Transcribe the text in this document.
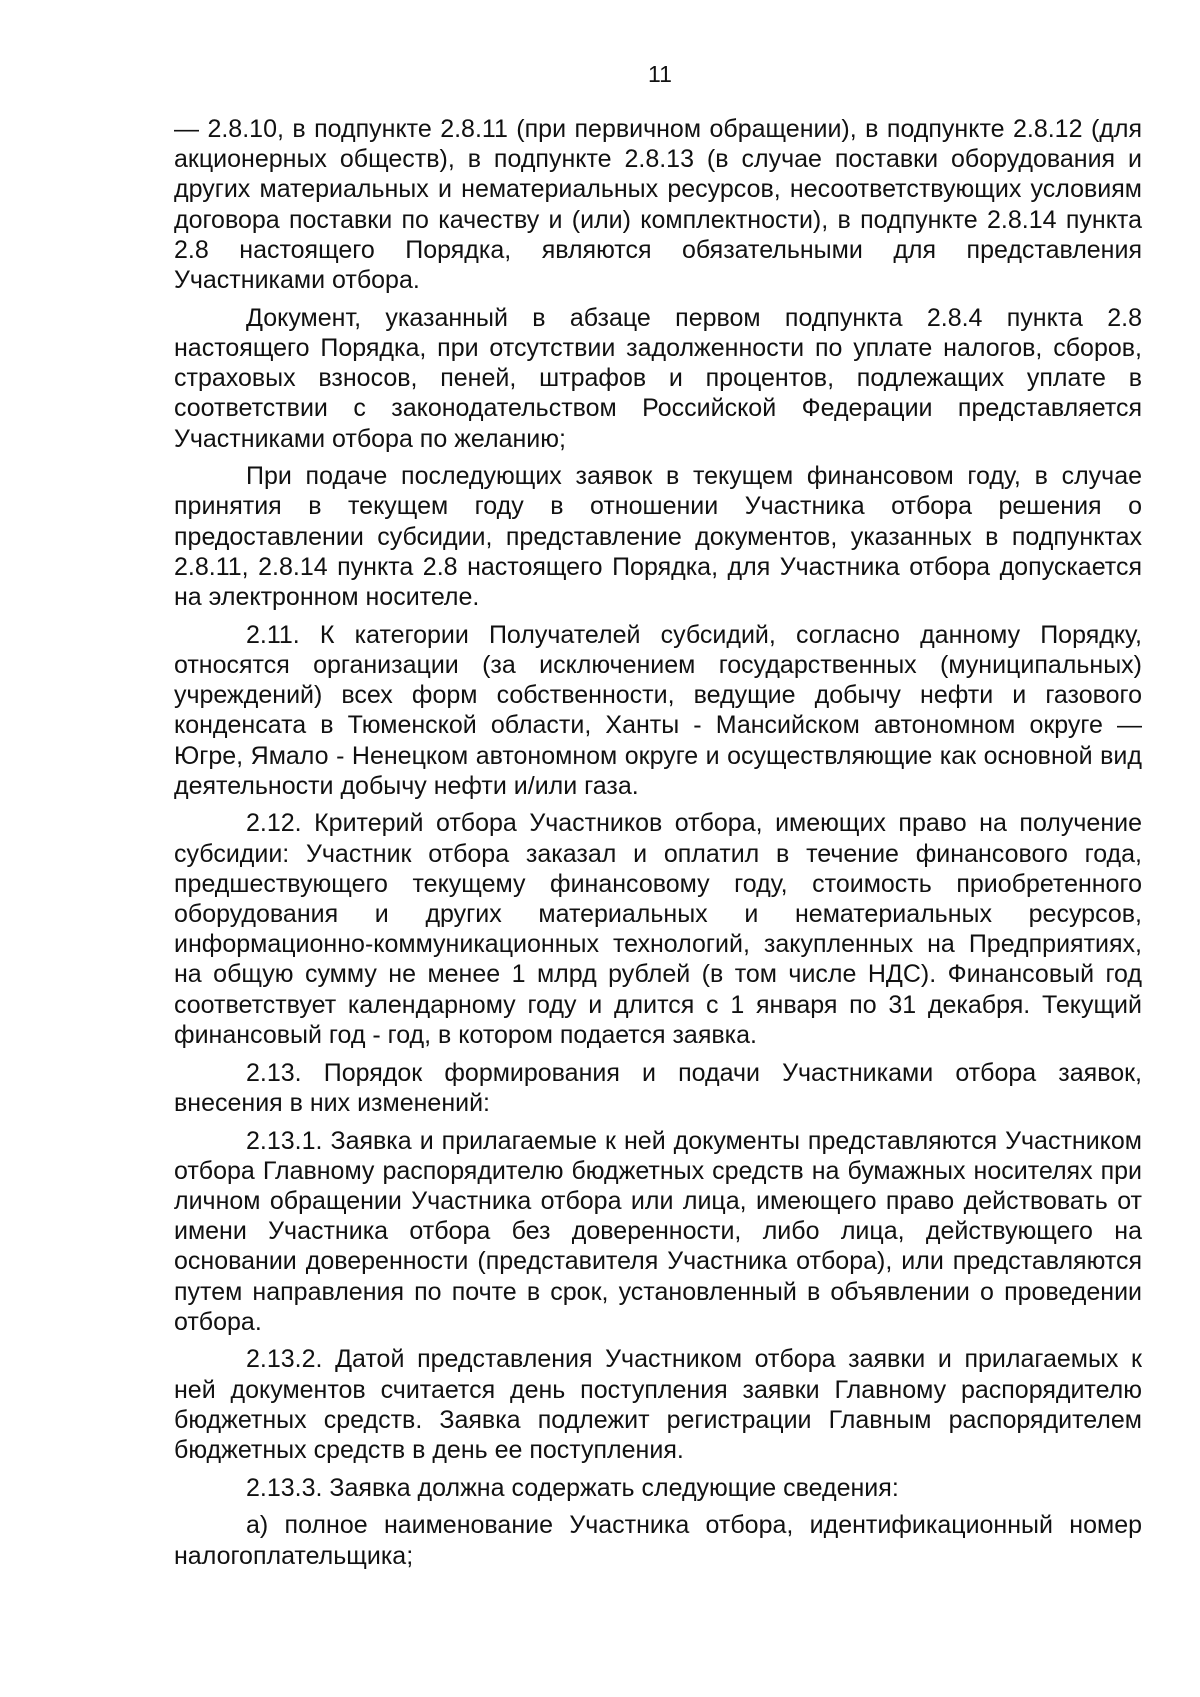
11

— 2.8.10, в подпункте 2.8.11 (при первичном обращении), в подпункте 2.8.12 (для акционерных обществ), в подпункте 2.8.13 (в случае поставки оборудования и других материальных и нематериальных ресурсов, несоответствующих условиям договора поставки по качеству и (или) комплектности), в подпункте 2.8.14 пункта 2.8 настоящего Порядка, являются обязательными для представления Участниками отбора.

Документ, указанный в абзаце первом подпункта 2.8.4 пункта 2.8 настоящего Порядка, при отсутствии задолженности по уплате налогов, сборов, страховых взносов, пеней, штрафов и процентов, подлежащих уплате в соответствии с законодательством Российской Федерации представляется Участниками отбора по желанию;

При подаче последующих заявок в текущем финансовом году, в случае принятия в текущем году в отношении Участника отбора решения о предоставлении субсидии, представление документов, указанных в подпунктах 2.8.11, 2.8.14 пункта 2.8 настоящего Порядка, для Участника отбора допускается на электронном носителе.

2.11. К категории Получателей субсидий, согласно данному Порядку, относятся организации (за исключением государственных (муниципальных) учреждений) всех форм собственности, ведущие добычу нефти и газового конденсата в Тюменской области, Ханты - Мансийском автономном округе — Югре, Ямало - Ненецком автономном округе и осуществляющие как основной вид деятельности добычу нефти и/или газа.

2.12. Критерий отбора Участников отбора, имеющих право на получение субсидии: Участник отбора заказал и оплатил в течение финансового года, предшествующего текущему финансовому году, стоимость приобретенного оборудования и других материальных и нематериальных ресурсов, информационно-коммуникационных технологий, закупленных на Предприятиях, на общую сумму не менее 1 млрд рублей (в том числе НДС). Финансовый год соответствует календарному году и длится с 1 января по 31 декабря. Текущий финансовый год - год, в котором подается заявка.

2.13. Порядок формирования и подачи Участниками отбора заявок, внесения в них изменений:

2.13.1. Заявка и прилагаемые к ней документы представляются Участником отбора Главному распорядителю бюджетных средств на бумажных носителях при личном обращении Участника отбора или лица, имеющего право действовать от имени Участника отбора без доверенности, либо лица, действующего на основании доверенности (представителя Участника отбора), или представляются путем направления по почте в срок, установленный в объявлении о проведении отбора.

2.13.2. Датой представления Участником отбора заявки и прилагаемых к ней документов считается день поступления заявки Главному распорядителю бюджетных средств. Заявка подлежит регистрации Главным распорядителем бюджетных средств в день ее поступления.

2.13.3. Заявка должна содержать следующие сведения:

а) полное наименование Участника отбора, идентификационный номер налогоплательщика;
